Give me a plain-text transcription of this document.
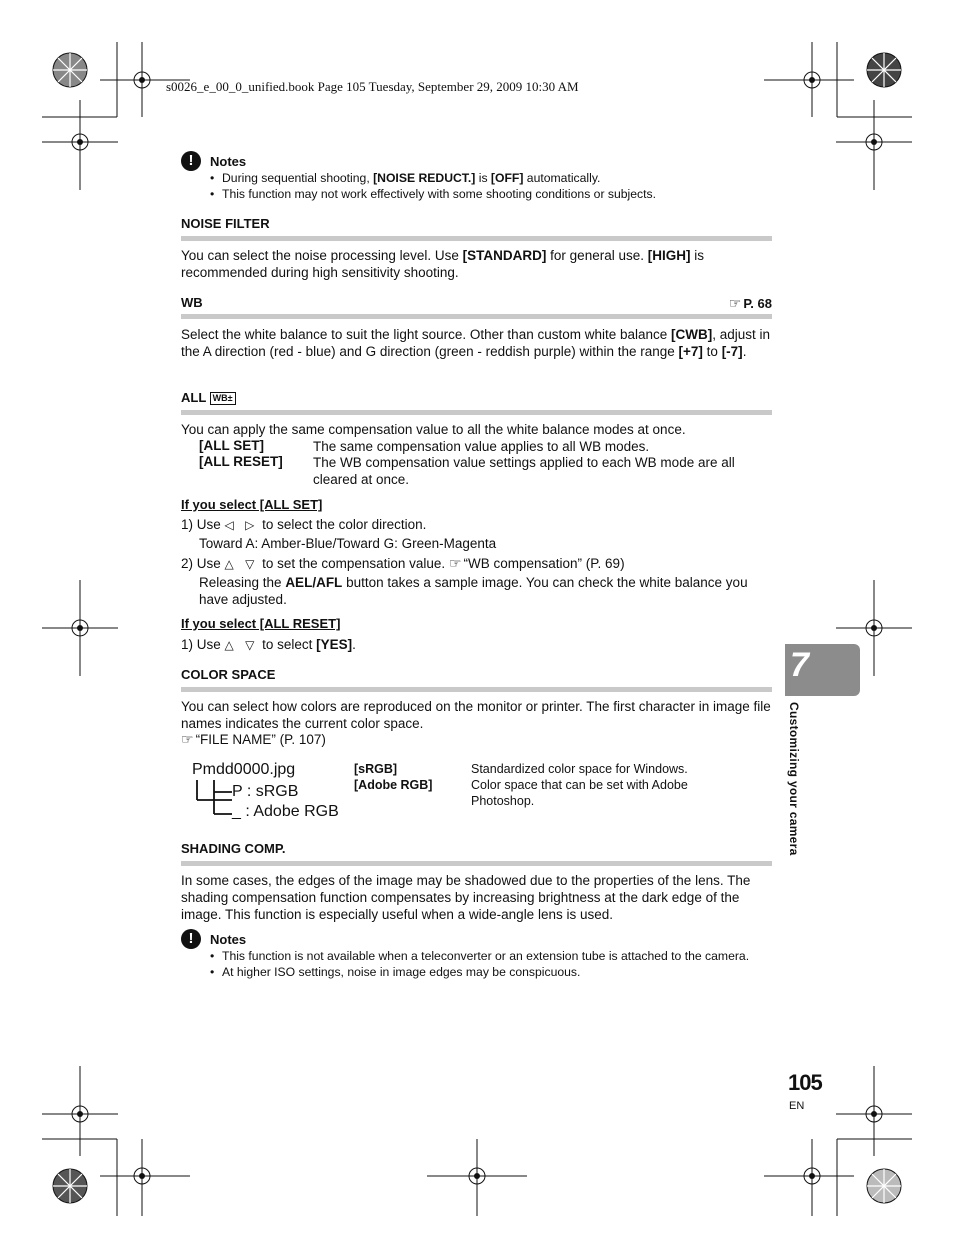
s0026_e_00_0_unified.book Page 105 Tuesday, September 29, 2009 10:30 AM
!	Notes
• During sequential shooting, [NOISE REDUCT.] is [OFF] automatically.
• This function may not work effectively with some shooting conditions or subjects.
NOISE FILTER
You can select the noise processing level. Use [STANDARD] for general use. [HIGH] is recommended during high sensitivity shooting.
WB	☞ P. 68
Select the white balance to suit the light source. Other than custom white balance [CWB], adjust in the A direction (red - blue) and G direction (green - reddish purple) within the range [+7] to [-7].
ALL WB±
You can apply the same compensation value to all the white balance modes at once.
[ALL SET]	The same compensation value applies to all WB modes.
[ALL RESET] The WB compensation value settings applied to each WB mode are all cleared at once.
If you select [ALL SET]
1) Use ◁ ▷ to select the color direction.
Toward A: Amber-Blue/Toward G: Green-Magenta
2) Use △ ▽ to set the compensation value. ☞ “WB compensation” (P. 69)
Releasing the AEL/AFL button takes a sample image. You can check the white balance you have adjusted.
If you select [ALL RESET]
1) Use △ ▽ to select [YES].
COLOR SPACE
You can select how colors are reproduced on the monitor or printer. The first character in image file names indicates the current color space.
☞ “FILE NAME” (P. 107)
Pmdd0000.jpg
P : sRGB
_ : Adobe RGB
[sRGB]	Standardized color space for Windows.
[Adobe RGB]	Color space that can be set with Adobe Photoshop.
SHADING COMP.
In some cases, the edges of the image may be shadowed due to the properties of the lens. The shading compensation function compensates by increasing brightness at the dark edge of the image. This function is especially useful when a wide-angle lens is used.
!	Notes
• This function is not available when a teleconverter or an extension tube is attached to the camera.
• At higher ISO settings, noise in image edges may be conspicuous.
7
Customizing your camera
105
EN
